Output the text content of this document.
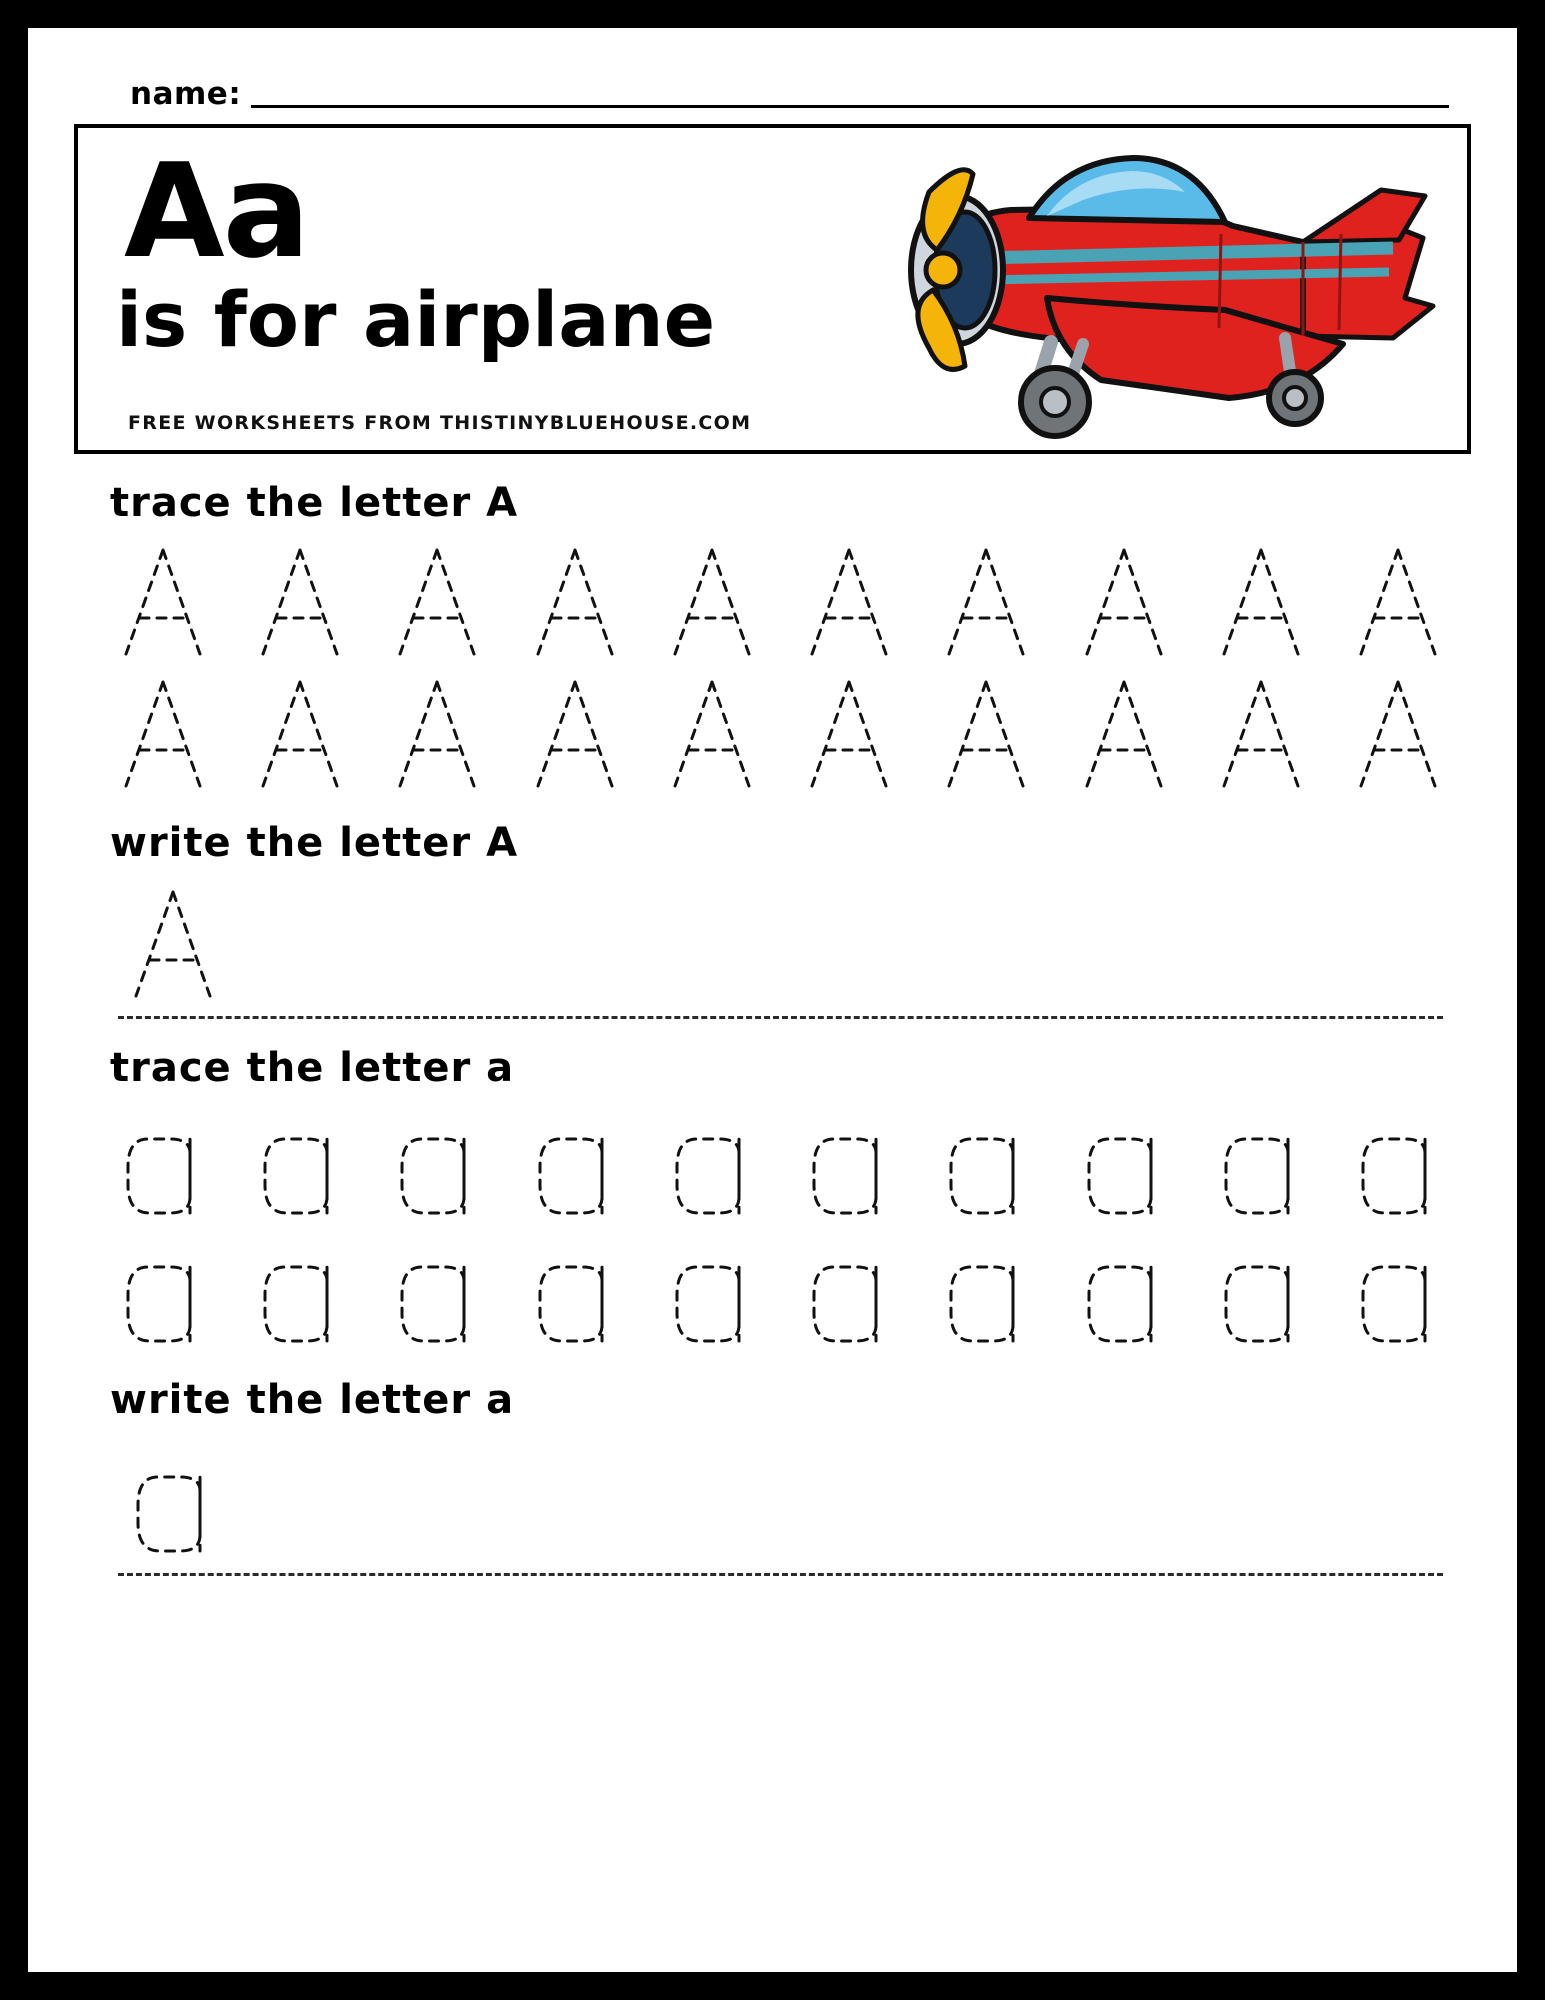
name:
Aa
is for airplane
FREE WORKSHEETS FROM THISTINYBLUEHOUSE.COM
trace the letter A
write the letter A
trace the letter a
write the letter a
